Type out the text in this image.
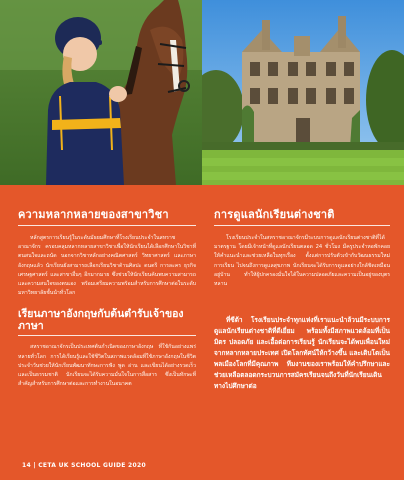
ความหลากหลายของสาขาวิชา

หลักสูตรการเรียนรู้ในระดับมัธยมศึกษาที่โรงเรียนประจำในสหราชอาณาจักร ครอบคลุมหลากหลายสาขาวิชาเพื่อให้นักเรียนได้เลือกศึกษาในวิชาที่ตนสนใจและถนัด นอกจากวิชาหลักอย่างคณิตศาสตร์ วิทยาศาสตร์ และภาษาอังกฤษแล้ว นักเรียนยังสามารถเลือกเรียนวิชาด้านศิลปะ ดนตรี การละคร ธุรกิจ เศรษฐศาสตร์ และสาขาอื่นๆ อีกมากมาย ซึ่งช่วยให้นักเรียนค้นพบความสามารถและความสนใจของตนเอง พร้อมเตรียมความพร้อมสำหรับการศึกษาต่อในระดับมหาวิทยาลัยชั้นนำทั่วโลก

เรียนภาษาอังกฤษกับต้นตำรับเจ้าของภาษา

สหราชอาณาจักรเป็นประเทศต้นกำเนิดของภาษาอังกฤษ ที่ใช้กันอย่างแพร่หลายทั่วโลก การได้เรียนรู้และใช้ชีวิตในสภาพแวดล้อมที่ใช้ภาษาอังกฤษในชีวิตประจำวันช่วยให้นักเรียนพัฒนาทักษะการฟัง พูด อ่าน และเขียนได้อย่างรวดเร็วและเป็นธรรมชาติ นักเรียนจะได้รับความมั่นใจในการสื่อสาร ซึ่งเป็นทักษะที่สำคัญสำหรับการศึกษาต่อและการทำงานในอนาคต

การดูแลนักเรียนต่างชาติ

โรงเรียนประจำในสหราชอาณาจักรมีระบบการดูแลนักเรียนต่างชาติที่ได้มาตรฐาน โดยมีเจ้าหน้าที่ดูแลนักเรียนตลอด 24 ชั่วโมง มีครูประจำหอพักคอยให้คำแนะนำและช่วยเหลือในทุกเรื่อง ตั้งแต่การปรับตัวเข้ากับวัฒนธรรมใหม่ การเรียน ไปจนถึงการดูแลสุขภาพ นักเรียนจะได้รับการดูแลอย่างใกล้ชิดเหมือนอยู่บ้าน ทำให้ผู้ปกครองมั่นใจได้ในความปลอดภัยและความเป็นอยู่ของบุตรหลาน

ที่ซีต้า โรงเรียนประจำทุกแห่งที่เราแนะนำล้วนมีระบบการดูแลนักเรียนต่างชาติที่ดีเยี่ยม พร้อมทั้งมีสภาพแวดล้อมที่เป็นมิตร ปลอดภัย และเอื้อต่อการเรียนรู้ นักเรียนจะได้พบเพื่อนใหม่จากหลากหลายประเทศ เปิดโลกทัศน์ให้กว้างขึ้น และเติบโตเป็นพลเมืองโลกที่มีคุณภาพ ทีมงานของเราพร้อมให้คำปรึกษาและช่วยเหลือตลอดกระบวนการสมัครเรียนจนถึงวันที่นักเรียนเดินทางไปศึกษาต่อ

14 | CETA UK SCHOOL GUIDE 2020
